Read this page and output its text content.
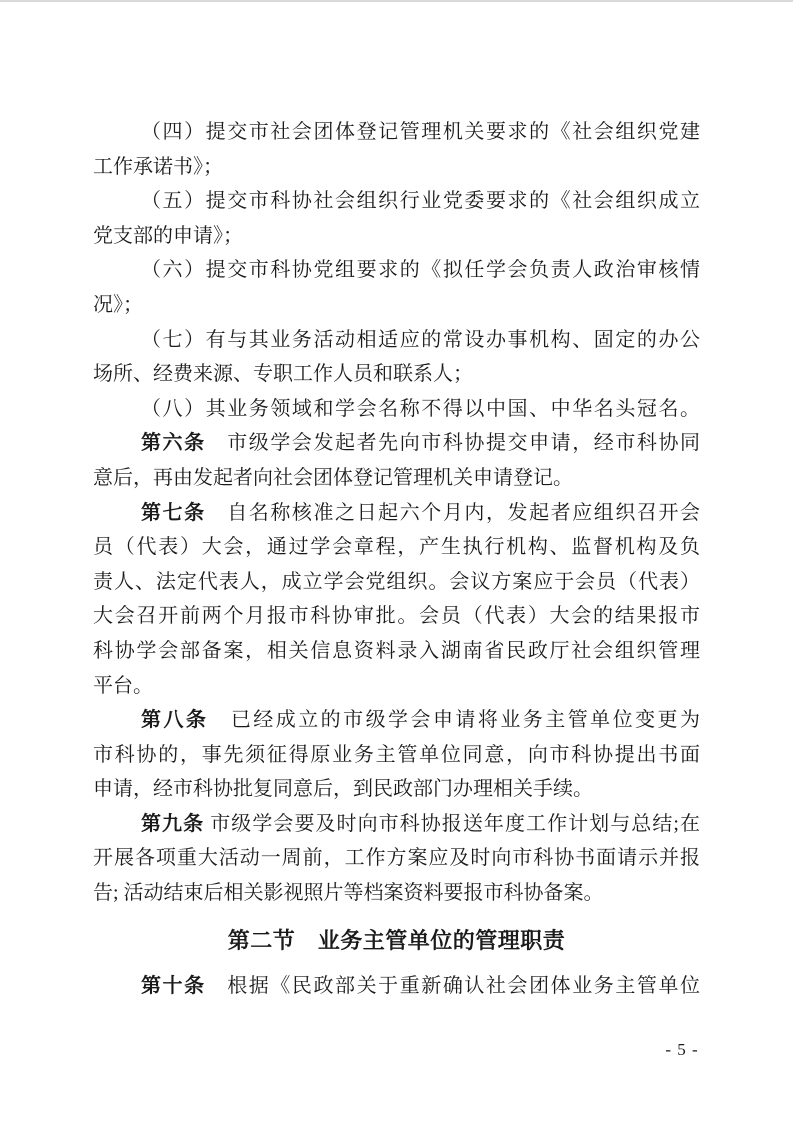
（四）提交市社会团体登记管理机关要求的《社会组织党建
工作承诺书》；
（五）提交市科协社会组织行业党委要求的《社会组织成立
党支部的申请》；
（六）提交市科协党组要求的《拟任学会负责人政治审核情
况》；
（七）有与其业务活动相适应的常设办事机构、固定的办公
场所、经费来源、专职工作人员和联系人；
（八）其业务领域和学会名称不得以中国、中华名头冠名。
第六条　市级学会发起者先向市科协提交申请，经市科协同
意后，再由发起者向社会团体登记管理机关申请登记。
第七条　自名称核准之日起六个月内，发起者应组织召开会
员（代表）大会，通过学会章程，产生执行机构、监督机构及负
责人、法定代表人，成立学会党组织。会议方案应于会员（代表）
大会召开前两个月报市科协审批。会员（代表）大会的结果报市
科协学会部备案，相关信息资料录入湖南省民政厅社会组织管理
平台。
第八条　已经成立的市级学会申请将业务主管单位变更为
市科协的，事先须征得原业务主管单位同意，向市科协提出书面
申请，经市科协批复同意后，到民政部门办理相关手续。
第九条 市级学会要及时向市科协报送年度工作计划与总结;在
开展各项重大活动一周前，工作方案应及时向市科协书面请示并报
告; 活动结束后相关影视照片等档案资料要报市科协备案。
第二节　业务主管单位的管理职责
第十条　根据《民政部关于重新确认社会团体业务主管单位
- 5 -
